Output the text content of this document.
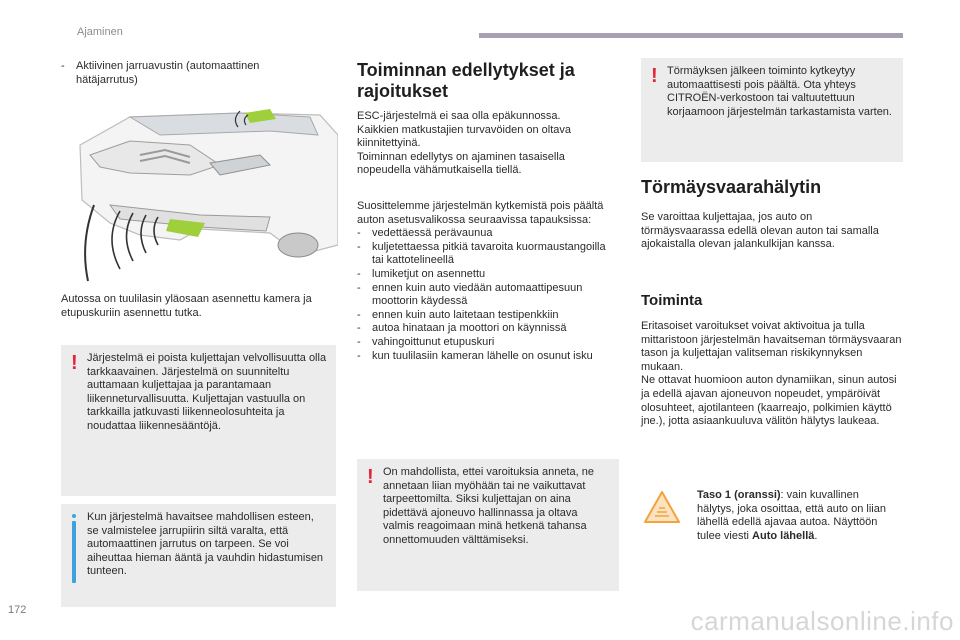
Ajaminen
- Aktiivinen jarruavustin (automaattinen hätäjarrutus)
Autossa on tuulilasin yläosaan asennettu kamera ja etupuskuriin asennettu tutka.
! Järjestelmä ei poista kuljettajan velvollisuutta olla tarkkaavainen. Järjestelmä on suunniteltu auttamaan kuljettajaa ja parantamaan liikenneturvallisuutta. Kuljettajan vastuulla on tarkkailla jatkuvasti liikenneolosuhteita ja noudattaa liikennesääntöjä.
Kun järjestelmä havaitsee mahdollisen esteen, se valmistelee jarrupiirin siltä varalta, että automaattinen jarrutus on tarpeen. Se voi aiheuttaa hieman ääntä ja vauhdin hidastumisen tunteen.
Toiminnan edellytykset ja rajoitukset

ESC-järjestelmä ei saa olla epäkunnossa.

Kaikkien matkustajien turvavöiden on oltava kiinnitettyinä.

Toiminnan edellytys on ajaminen tasaisella nopeudella vähämutkaisella tiellä.

Suosittelemme järjestelmän kytkemistä pois päältä auton asetusvalikossa seuraavissa tapauksissa:

- vedettäessä perävaunua
- kuljetettaessa pitkiä tavaroita kuormaustangoilla tai kattotelineellä
- lumiketjut on asennettu
- ennen kuin auto viedään automaattipesuun moottorin käydessä
- ennen kuin auto laitetaan testipenkkiin
- autoa hinataan ja moottori on käynnissä
- vahingoittunut etupuskuri
- kun tuulilasiin kameran lähelle on osunut isku
! On mahdollista, ettei varoituksia anneta, ne annetaan liian myöhään tai ne vaikuttavat tarpeettomilta. Siksi kuljettajan on aina pidettävä ajoneuvo hallinnassa ja oltava valmis reagoimaan minä hetkenä tahansa onnettomuuden välttämiseksi.
! Törmäyksen jälkeen toiminto kytkeytyy automaattisesti pois päältä. Ota yhteys CITROËN-verkostoon tai valtuutettuun korjaamoon järjestelmän tarkastamista varten.
Törmäysvaarahälytin
Se varoittaa kuljettajaa, jos auto on törmäysvaarassa edellä olevan auton tai samalla ajokaistalla olevan jalankulkijan kanssa.
Toiminta

Eritasoiset varoitukset voivat aktivoitua ja tulla mittaristoon järjestelmän havaitseman törmäysvaaran tason ja kuljettajan valitseman riskikynnyksen mukaan.

Ne ottavat huomioon auton dynamiikan, sinun autosi ja edellä ajavan ajoneuvon nopeudet, ympäröivät olosuhteet, ajotilanteen (kaarreajo, polkimien käyttö jne.), jotta asiaankuuluva välitön hälytys laukeaa.

Taso 1 (oranssi): vain kuvallinen hälytys, joka osoittaa, että auto on liian lähellä edellä ajavaa autoa. Näyttöön tulee viesti Auto lähellä.
172	carmanualsonline.info
